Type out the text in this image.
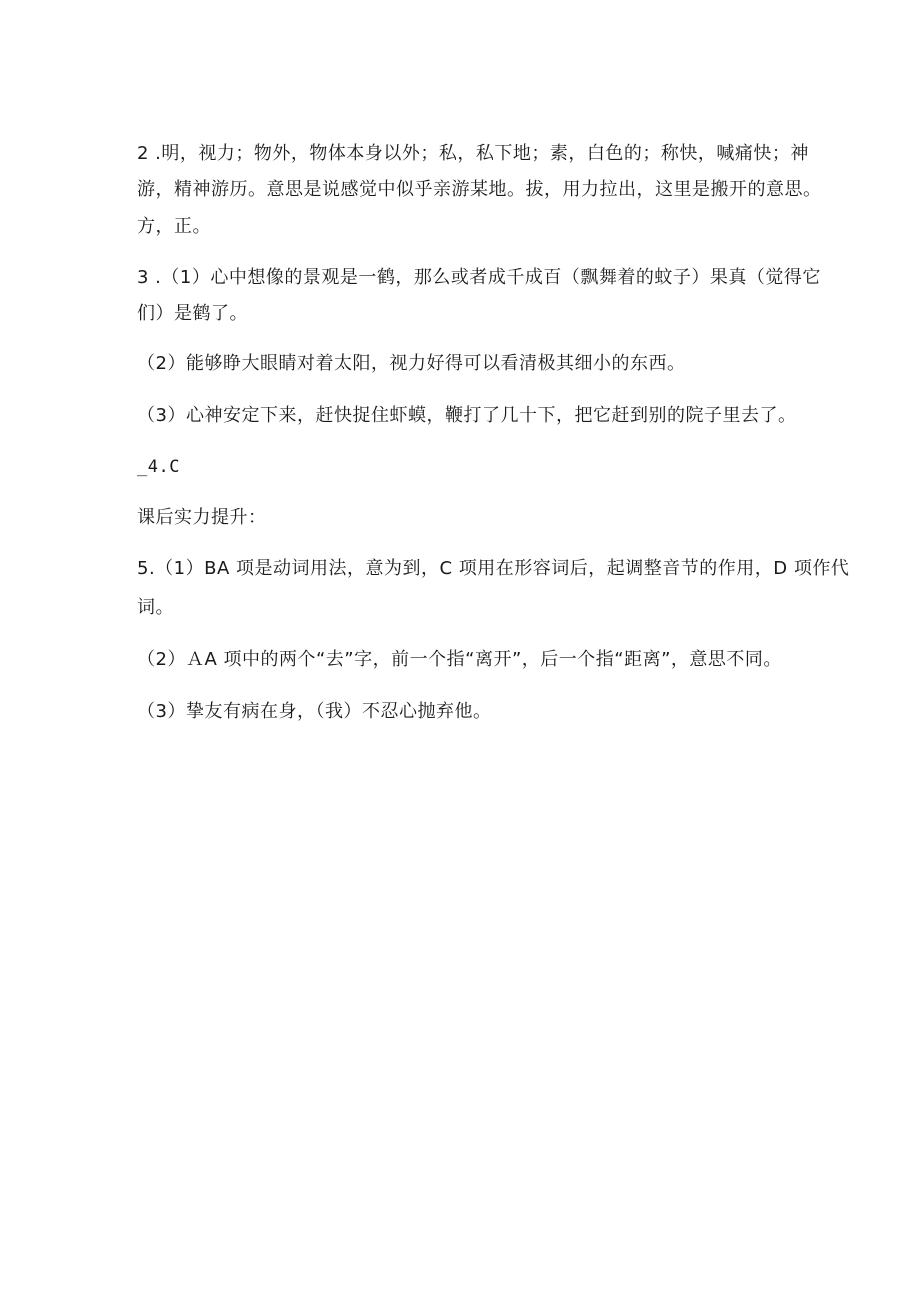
2 .明，视力；物外，物体本身以外；私，私下地；素，白色的；称快，喊痛快；神
游，精神游历。意思是说感觉中似乎亲游某地。拔，用力拉出，这里是搬开的意思。
方，正。
3 .（1）心中想像的景观是一鹤，那么或者成千成百（飘舞着的蚊子）果真（觉得它
们）是鹤了。
（2）能够睁大眼睛对着太阳，视力好得可以看清极其细小的东西。
（3）心神安定下来，赶快捉住虾蟆，鞭打了几十下，把它赶到别的院子里去了。
_4.C
课后实力提升：
5.（1）BA 项是动词用法，意为到，C 项用在形容词后，起调整音节的作用，D 项作代
词。
（2）ＡA 项中的两个“去”字，前一个指“离开”，后一个指“距离”，意思不同。
（3）挚友有病在身，（我）不忍心抛弃他。
